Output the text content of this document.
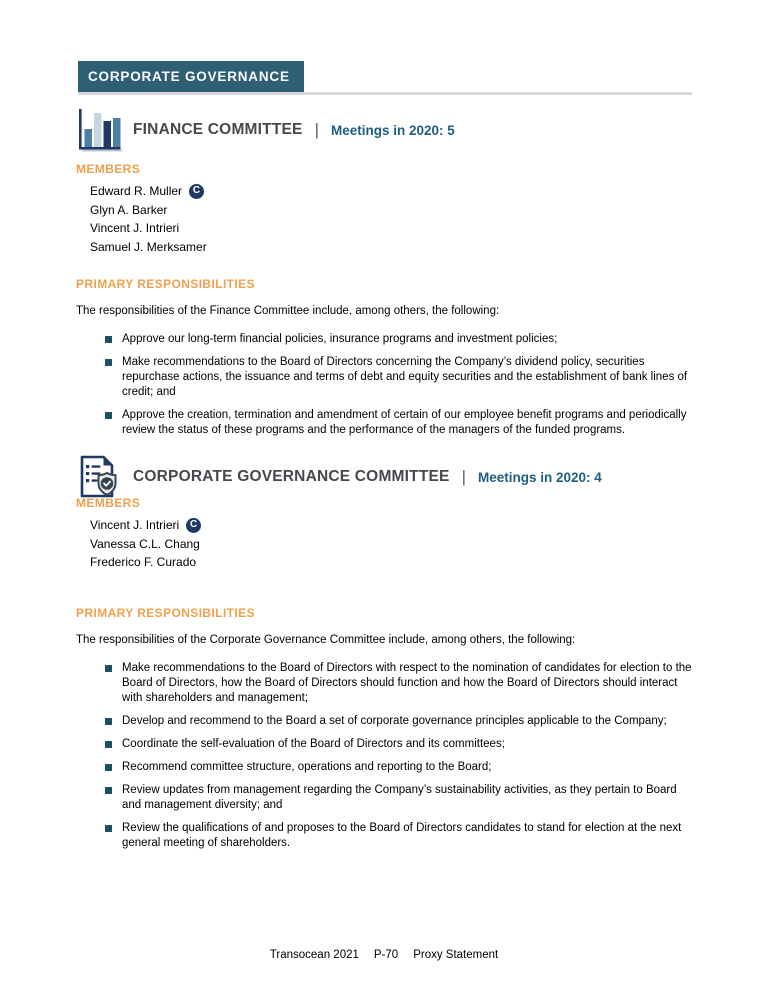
CORPORATE GOVERNANCE
FINANCE COMMITTEE | Meetings in 2020: 5
MEMBERS
Edward R. Muller	C
Glyn A. Barker
Vincent J. Intrieri
Samuel J. Merksamer
PRIMARY RESPONSIBILITIES

The responsibilities of the Finance Committee include, among others, the following:

Approve our long-term financial policies, insurance programs and investment policies;
Make recommendations to the Board of Directors concerning the Company’s dividend policy, securities repurchase actions, the issuance and terms of debt and equity securities and the establishment of bank lines of credit; and
Approve the creation, termination and amendment of certain of our employee benefit programs and periodically review the status of these programs and the performance of the managers of the funded programs.
CORPORATE GOVERNANCE COMMITTEE | Meetings in 2020: 4
MEMBERS
Vincent J. Intrieri	C
Vanessa C.L. Chang
Frederico F. Curado
PRIMARY RESPONSIBILITIES

The responsibilities of the Corporate Governance Committee include, among others, the following:

Make recommendations to the Board of Directors with respect to the nomination of candidates for election to the Board of Directors, how the Board of Directors should function and how the Board of Directors should interact with shareholders and management;
Develop and recommend to the Board a set of corporate governance principles applicable to the Company;
Coordinate the self-evaluation of the Board of Directors and its committees;
Recommend committee structure, operations and reporting to the Board;
Review updates from management regarding the Company’s sustainability activities, as they pertain to Board and management diversity; and
Review the qualifications of and proposes to the Board of Directors candidates to stand for election at the next general meeting of shareholders.
Transocean 2021 P-70 Proxy Statement
